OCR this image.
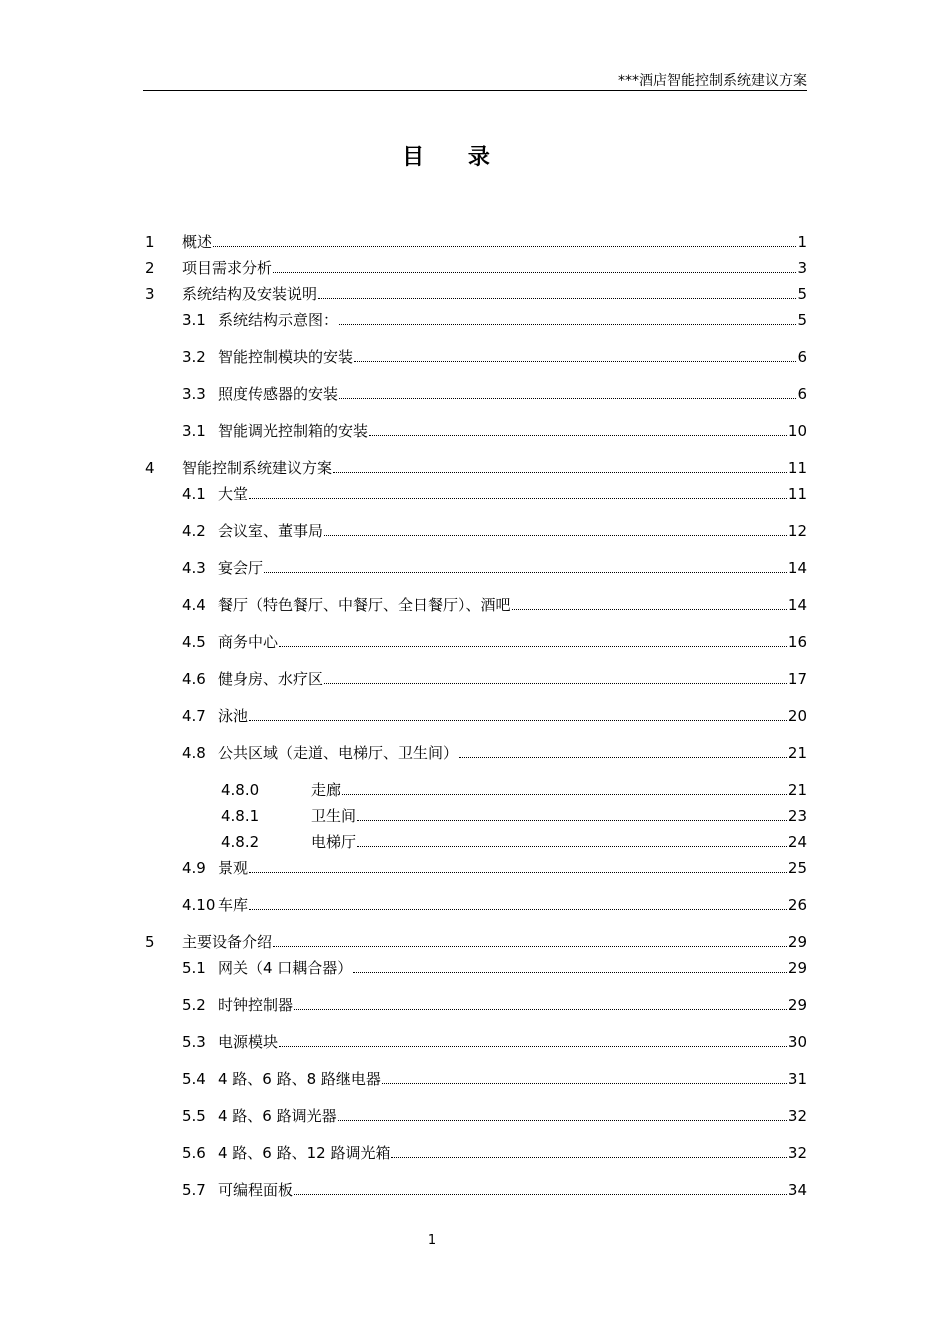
***酒店智能控制系统建议方案
目 录
1	概述	1
2	项目需求分析	3
3	系统结构及安装说明	5
3.1 系统结构示意图：	5
3.2 智能控制模块的安装	6
3.3 照度传感器的安装	6
3.1 智能调光控制箱的安装	10
4	智能控制系统建议方案	11
4.1 大堂	11
4.2 会议室、董事局	12
4.3 宴会厅	14
4.4 餐厅（特色餐厅、中餐厅、全日餐厅）、酒吧	14
4.5 商务中心	16
4.6 健身房、水疗区	17
4.7 泳池	20
4.8 公共区域（走道、电梯厅、卫生间）	21
4.8.0	走廊	21
4.8.1	卫生间	23
4.8.2	电梯厅	24
4.9 景观	25
4.10 车库	26
5	主要设备介绍	29
5.1 网关（4 口耦合器）	29
5.2 时钟控制器	29
5.3 电源模块	30
5.4 4 路、6 路、8 路继电器	31
5.5 4 路、6 路调光器	32
5.6 4 路、6 路、12 路调光箱	32
5.7 可编程面板	34
1
